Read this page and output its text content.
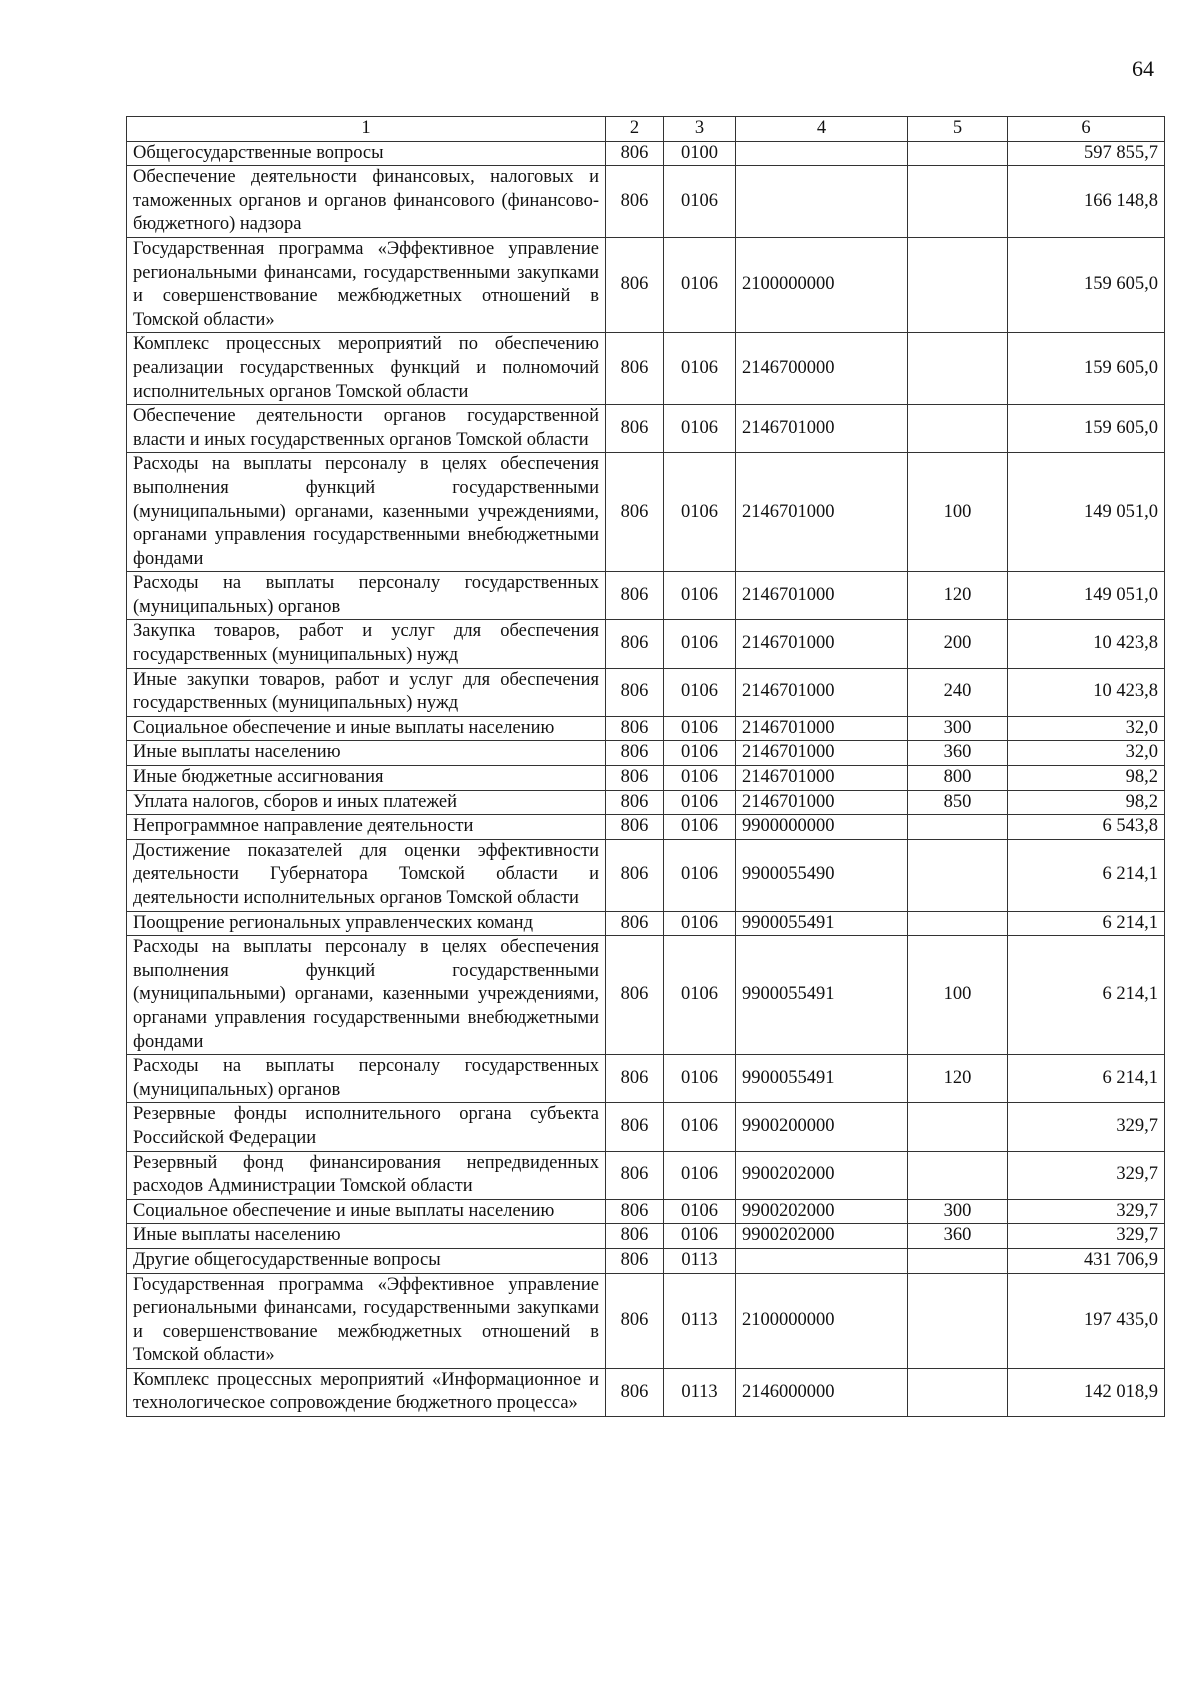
64
1	2	3	4	5	6
Общегосударственные вопросы	806	0100			597 855,7
Обеспечение деятельности финансовых, налоговых и таможенных органов и органов финансового (финансово-бюджетного) надзора	806	0106			166 148,8
Государственная программа «Эффективное управление региональными финансами, государственными закупками и совершенствование межбюджетных отношений в Томской области»	806	0106	2100000000		159 605,0
Комплекс процессных мероприятий по обеспечению реализации государственных функций и полномочий исполнительных органов Томской области	806	0106	2146700000		159 605,0
Обеспечение деятельности органов государственной власти и иных государственных органов Томской области	806	0106	2146701000		159 605,0
Расходы на выплаты персоналу в целях обеспечения выполнения функций государственными (муниципальными) органами, казенными учреждениями, органами управления государственными внебюджетными фондами	806	0106	2146701000	100	149 051,0
Расходы на выплаты персоналу государственных (муниципальных) органов	806	0106	2146701000	120	149 051,0
Закупка товаров, работ и услуг для обеспечения государственных (муниципальных) нужд	806	0106	2146701000	200	10 423,8
Иные закупки товаров, работ и услуг для обеспечения государственных (муниципальных) нужд	806	0106	2146701000	240	10 423,8
Социальное обеспечение и иные выплаты населению	806	0106	2146701000	300	32,0
Иные выплаты населению	806	0106	2146701000	360	32,0
Иные бюджетные ассигнования	806	0106	2146701000	800	98,2
Уплата налогов, сборов и иных платежей	806	0106	2146701000	850	98,2
Непрограммное направление деятельности	806	0106	9900000000		6 543,8
Достижение показателей для оценки эффективности деятельности Губернатора Томской области и деятельности исполнительных органов Томской области	806	0106	9900055490		6 214,1
Поощрение региональных управленческих команд	806	0106	9900055491		6 214,1
Расходы на выплаты персоналу в целях обеспечения выполнения функций государственными (муниципальными) органами, казенными учреждениями, органами управления государственными внебюджетными фондами	806	0106	9900055491	100	6 214,1
Расходы на выплаты персоналу государственных (муниципальных) органов	806	0106	9900055491	120	6 214,1
Резервные фонды исполнительного органа субъекта Российской Федерации	806	0106	9900200000		329,7
Резервный фонд финансирования непредвиденных расходов Администрации Томской области	806	0106	9900202000		329,7
Социальное обеспечение и иные выплаты населению	806	0106	9900202000	300	329,7
Иные выплаты населению	806	0106	9900202000	360	329,7
Другие общегосударственные вопросы	806	0113			431 706,9
Государственная программа «Эффективное управление региональными финансами, государственными закупками и совершенствование межбюджетных отношений в Томской области»	806	0113	2100000000		197 435,0
Комплекс процессных мероприятий «Информационное и технологическое сопровождение бюджетного процесса»	806	0113	2146000000		142 018,9
